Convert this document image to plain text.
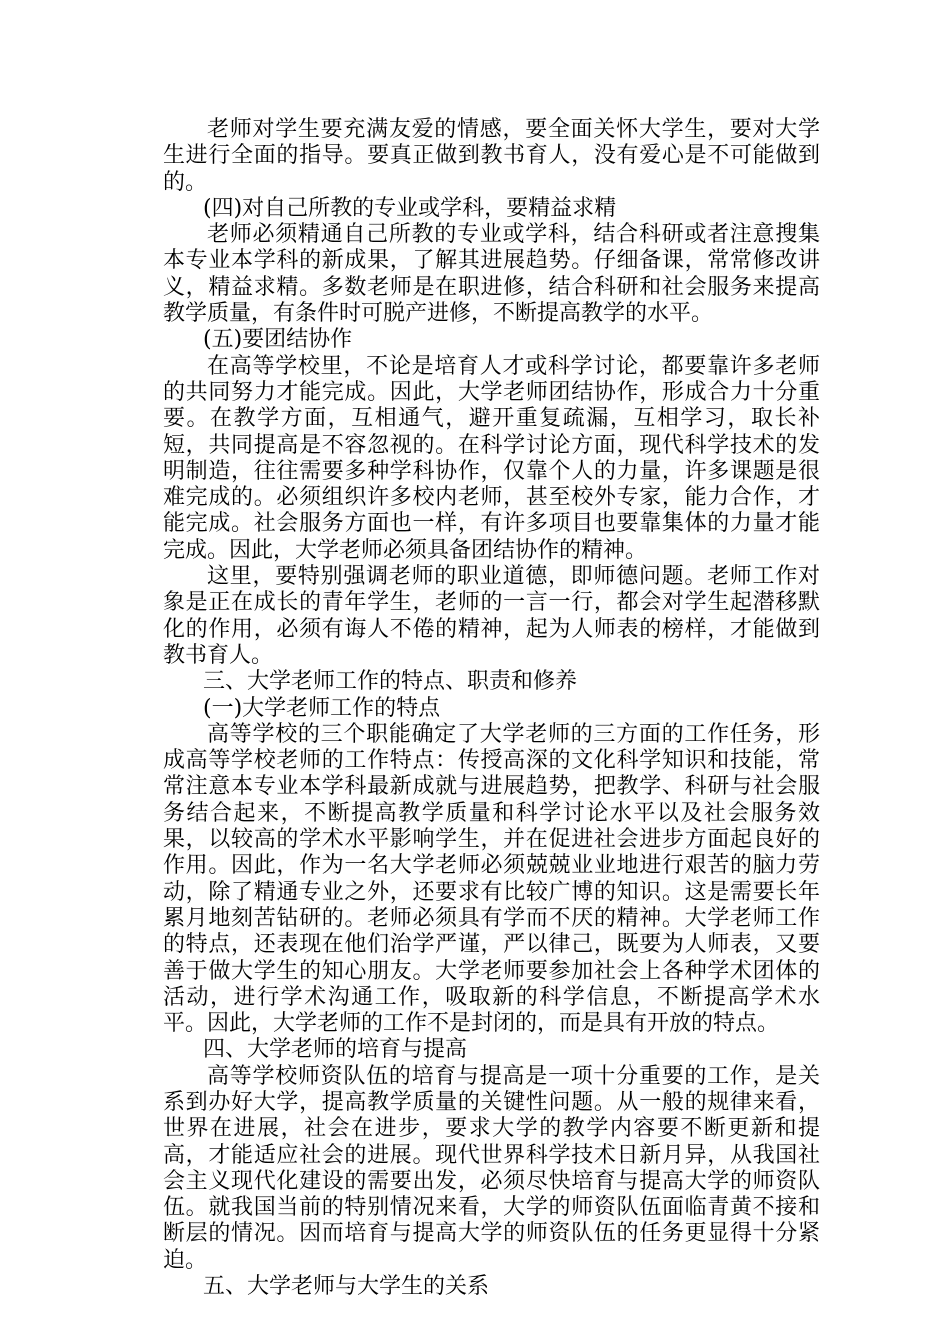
老师对学生要充满友爱的情感，要全面关怀大学生，要对大学生进行全面的指导。要真正做到教书育人，没有爱心是不可能做到的。

(四)对自己所教的专业或学科，要精益求精

老师必须精通自己所教的专业或学科，结合科研或者注意搜集本专业本学科的新成果，了解其进展趋势。仔细备课，常常修改讲义，精益求精。多数老师是在职进修，结合科研和社会服务来提高教学质量，有条件时可脱产进修，不断提高教学的水平。

(五)要团结协作

在高等学校里，不论是培育人才或科学讨论，都要靠许多老师的共同努力才能完成。因此，大学老师团结协作，形成合力十分重要。在教学方面，互相通气，避开重复疏漏，互相学习，取长补短，共同提高是不容忽视的。在科学讨论方面，现代科学技术的发明制造，往往需要多种学科协作，仅靠个人的力量，许多课题是很难完成的。必须组织许多校内老师，甚至校外专家，能力合作，才能完成。社会服务方面也一样，有许多项目也要靠集体的力量才能完成。因此，大学老师必须具备团结协作的精神。

这里，要特别强调老师的职业道德，即师德问题。老师工作对象是正在成长的青年学生，老师的一言一行，都会对学生起潜移默化的作用，必须有诲人不倦的精神，起为人师表的榜样，才能做到教书育人。

三、大学老师工作的特点、职责和修养

(一)大学老师工作的特点

高等学校的三个职能确定了大学老师的三方面的工作任务，形成高等学校老师的工作特点：传授高深的文化科学知识和技能，常常注意本专业本学科最新成就与进展趋势，把教学、科研与社会服务结合起来，不断提高教学质量和科学讨论水平以及社会服务效果，以较高的学术水平影响学生，并在促进社会进步方面起良好的作用。因此，作为一名大学老师必须兢兢业业地进行艰苦的脑力劳动，除了精通专业之外，还要求有比较广博的知识。这是需要长年累月地刻苦钻研的。老师必须具有学而不厌的精神。大学老师工作的特点，还表现在他们治学严谨，严以律己，既要为人师表，又要善于做大学生的知心朋友。大学老师要参加社会上各种学术团体的活动，进行学术沟通工作，吸取新的科学信息，不断提高学术水平。因此，大学老师的工作不是封闭的，而是具有开放的特点。

四、大学老师的培育与提高

高等学校师资队伍的培育与提高是一项十分重要的工作，是关系到办好大学，提高教学质量的关键性问题。从一般的规律来看，世界在进展，社会在进步，要求大学的教学内容要不断更新和提高，才能适应社会的进展。现代世界科学技术日新月异，从我国社会主义现代化建设的需要出发，必须尽快培育与提高大学的师资队伍。就我国当前的特别情况来看，大学的师资队伍面临青黄不接和断层的情况。因而培育与提高大学的师资队伍的任务更显得十分紧迫。

五、大学老师与大学生的关系
